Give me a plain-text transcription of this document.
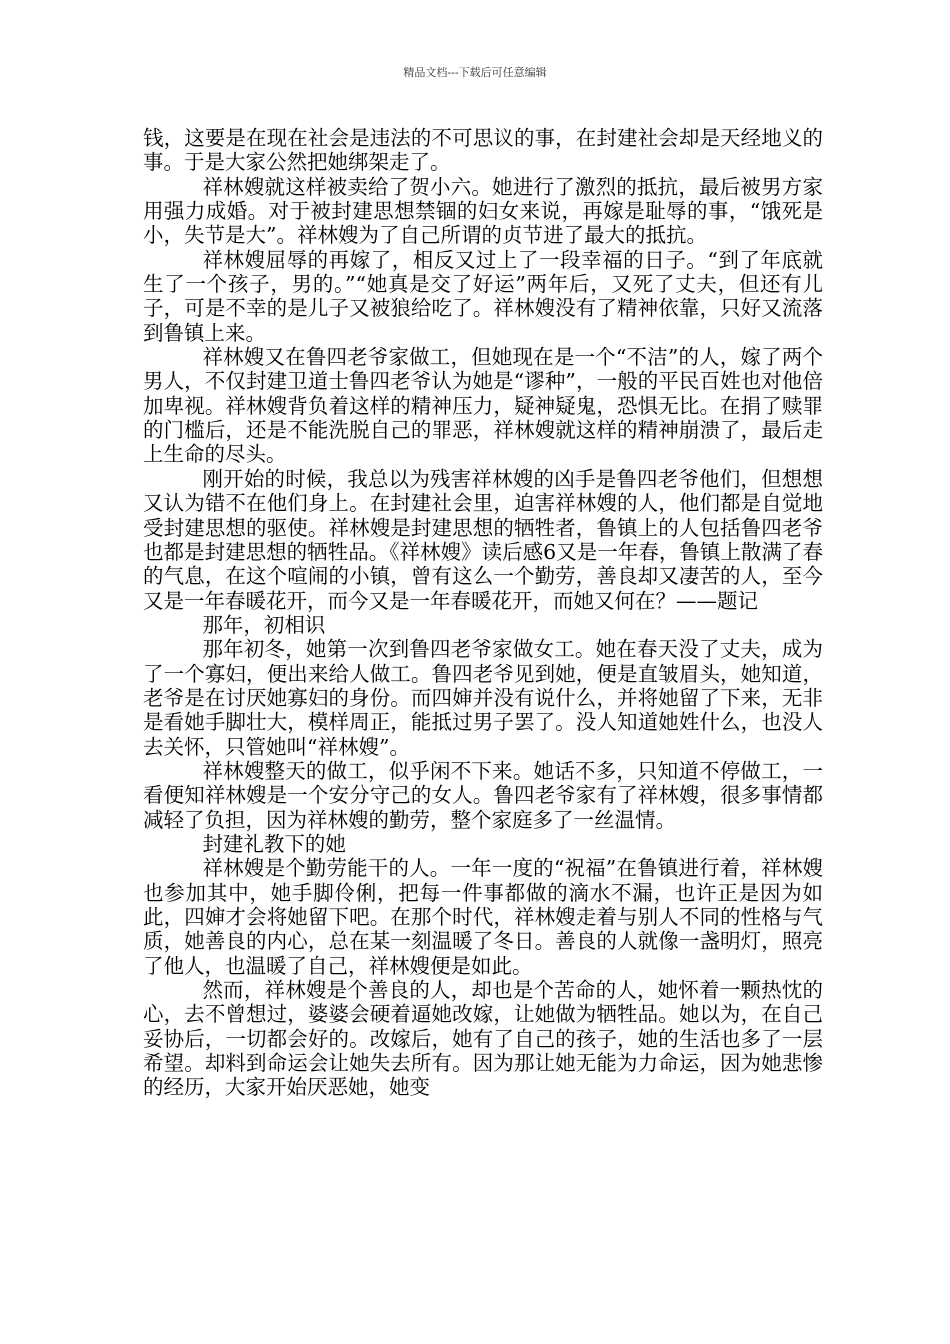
精品文档---下载后可任意编辑

钱，这要是在现在社会是违法的不可思议的事，在封建社会却是天经地义的事。于是大家公然把她绑架走了。

祥林嫂就这样被卖给了贺小六。她进行了激烈的抵抗，最后被男方家用强力成婚。对于被封建思想禁锢的妇女来说，再嫁是耻辱的事，“饿死是小，失节是大”。祥林嫂为了自己所谓的贞节进了最大的抵抗。

祥林嫂屈辱的再嫁了，相反又过上了一段幸福的日子。“到了年底就生了一个孩子，男的。”“她真是交了好运”两年后，又死了丈夫，但还有儿子，可是不幸的是儿子又被狼给吃了。祥林嫂没有了精神依靠，只好又流落到鲁镇上来。

祥林嫂又在鲁四老爷家做工，但她现在是一个“不洁”的人，嫁了两个男人，不仅封建卫道士鲁四老爷认为她是“谬种”，一般的平民百姓也对他倍加卑视。祥林嫂背负着这样的精神压力，疑神疑鬼，恐惧无比。在捐了赎罪的门槛后，还是不能洗脱自己的罪恶，祥林嫂就这样的精神崩溃了，最后走上生命的尽头。

刚开始的时候，我总以为残害祥林嫂的凶手是鲁四老爷他们，但想想又认为错不在他们身上。在封建社会里，迫害祥林嫂的人，他们都是自觉地受封建思想的驱使。祥林嫂是封建思想的牺牲者，鲁镇上的人包括鲁四老爷也都是封建思想的牺牲品。《祥林嫂》读后感6又是一年春，鲁镇上散满了春的气息，在这个喧闹的小镇，曾有这么一个勤劳，善良却又凄苦的人，至今又是一年春暖花开，而今又是一年春暖花开，而她又何在？——题记

那年，初相识

那年初冬，她第一次到鲁四老爷家做女工。她在春天没了丈夫，成为了一个寡妇，便出来给人做工。鲁四老爷见到她，便是直皱眉头，她知道，老爷是在讨厌她寡妇的身份。而四婶并没有说什么，并将她留了下来，无非是看她手脚壮大，模样周正，能抵过男子罢了。没人知道她姓什么，也没人去关怀，只管她叫“祥林嫂”。

祥林嫂整天的做工，似乎闲不下来。她话不多，只知道不停做工，一看便知祥林嫂是一个安分守己的女人。鲁四老爷家有了祥林嫂，很多事情都减轻了负担，因为祥林嫂的勤劳，整个家庭多了一丝温情。

封建礼教下的她

祥林嫂是个勤劳能干的人。一年一度的“祝福”在鲁镇进行着，祥林嫂也参加其中，她手脚伶俐，把每一件事都做的滴水不漏，也许正是因为如此，四婶才会将她留下吧。在那个时代，祥林嫂走着与别人不同的性格与气质，她善良的内心，总在某一刻温暖了冬日。善良的人就像一盏明灯，照亮了他人，也温暖了自己，祥林嫂便是如此。

然而，祥林嫂是个善良的人，却也是个苦命的人，她怀着一颗热忱的心，去不曾想过，婆婆会硬着逼她改嫁，让她做为牺牲品。她以为，在自己妥协后，一切都会好的。改嫁后，她有了自己的孩子，她的生活也多了一层希望。却料到命运会让她失去所有。因为那让她无能为力命运，因为她悲惨的经历，大家开始厌恶她，她变
